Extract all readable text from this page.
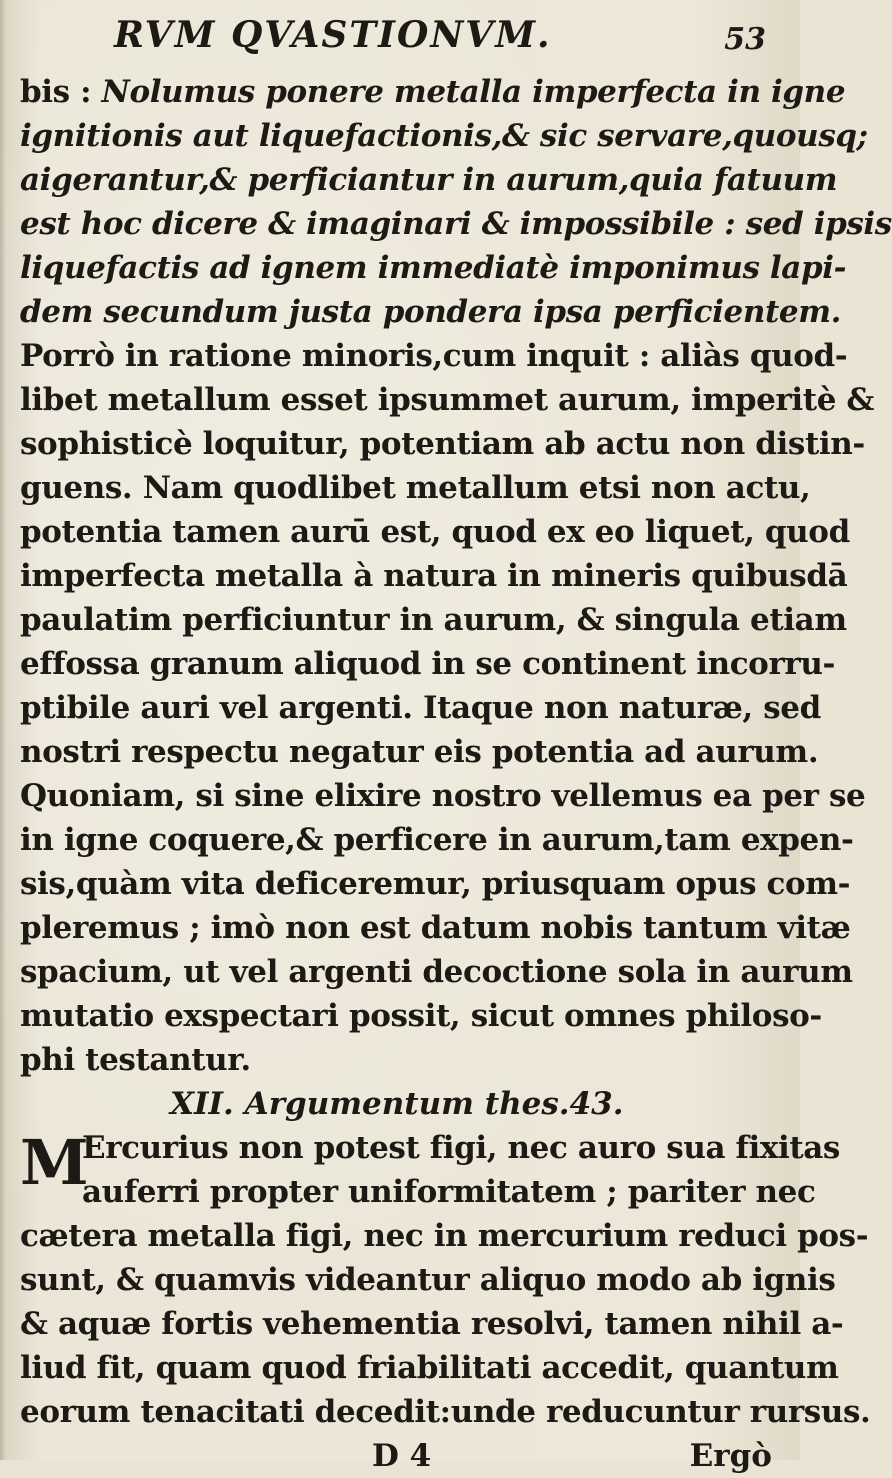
RVM QVASTIONVM.	53
bis : Nolumus ponere metalla imperfecta in igne
ignitionis aut liquefactionis,& sic servare,quousq;
aigerantur,& perficiantur in aurum,quia fatuum
est hoc dicere & imaginari & impossibile : sed ipsis
liquefactis ad ignem immediatè imponimus lapi-
dem secundum justa pondera ipsa perficientem.
Porrò in ratione minoris,cum inquit : aliàs quod-
libet metallum esset ipsummet aurum, imperitè &
sophisticè loquitur, potentiam ab actu non distin-
guens. Nam quodlibet metallum etsi non actu,
potentia tamen aurū est, quod ex eo liquet, quod
imperfecta metalla à natura in mineris quibusdā
paulatim perficiuntur in aurum, & singula etiam
effossa granum aliquod in se continent incorru-
ptibile auri vel argenti. Itaque non naturæ, sed
nostri respectu negatur eis potentia ad aurum.
Quoniam, si sine elixire nostro vellemus ea per se
in igne coquere,& perficere in aurum,tam expen-
sis,quàm vita deficeremur, priusquam opus com-
pleremus ; imò non est datum nobis tantum vitæ
spacium, ut vel argenti decoctione sola in aurum
mutatio exspectari possit, sicut omnes philoso-
phi testantur.
XII. Argumentum thes.43.
M
Ercurius non potest figi, nec auro sua fixitas
auferri propter uniformitatem ; pariter nec
cætera metalla figi, nec in mercurium reduci pos-
sunt, & quamvis videantur aliquo modo ab ignis
& aquæ fortis vehementia resolvi, tamen nihil a-
liud fit, quam quod friabilitati accedit, quantum
eorum tenacitati decedit:unde reducuntur rursus.
D 4	Ergò
